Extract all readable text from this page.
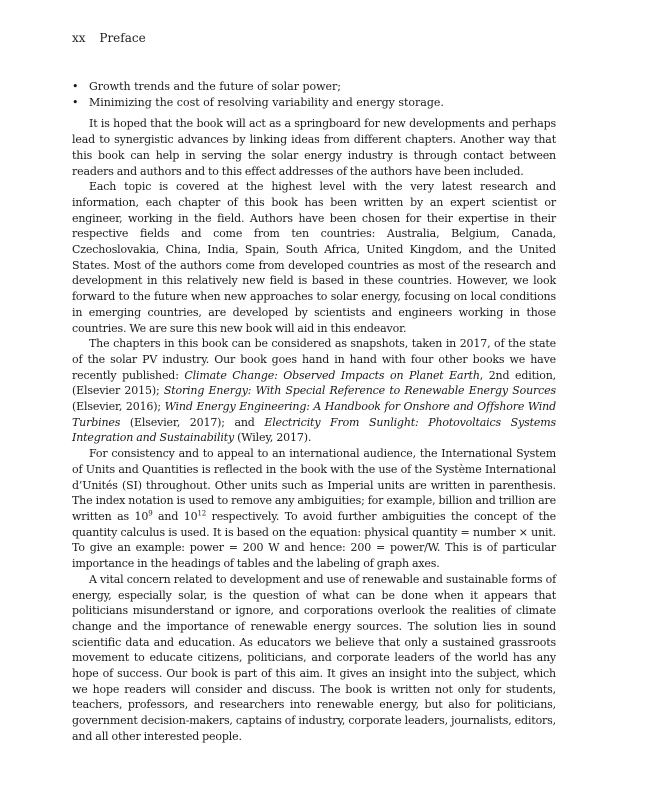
xx Preface
• Growth trends and the future of solar power;
• Minimizing the cost of resolving variability and energy storage.

It is hoped that the book will act as a springboard for new developments and perhaps lead to synergistic advances by linking ideas from different chapters. Another way that this book can help in serving the solar energy industry is through contact between readers and authors and to this effect addresses of the authors have been included.

Each topic is covered at the highest level with the very latest research and information, each chapter of this book has been written by an expert scientist or engineer, working in the field. Authors have been chosen for their expertise in their respective fields and come from ten countries: Australia, Belgium, Canada, Czechoslovakia, China, India, Spain, South Africa, United Kingdom, and the United States. Most of the authors come from developed countries as most of the research and development in this relatively new field is based in these countries. However, we look forward to the future when new approaches to solar energy, focusing on local conditions in emerging countries, are developed by scientists and engineers working in those countries. We are sure this new book will aid in this endeavor.

The chapters in this book can be considered as snapshots, taken in 2017, of the state of the solar PV industry. Our book goes hand in hand with four other books we have recently published: Climate Change: Observed Impacts on Planet Earth, 2nd edition, (Elsevier 2015); Storing Energy: With Special Reference to Renewable Energy Sources (Elsevier, 2016); Wind Energy Engineering: A Handbook for Onshore and Offshore Wind Turbines (Elsevier, 2017); and Electricity From Sunlight: Photovoltaics Systems Integration and Sustainability (Wiley, 2017).

For consistency and to appeal to an international audience, the International System of Units and Quantities is reflected in the book with the use of the Système International d’Unités (SI) throughout. Other units such as Imperial units are written in parenthesis. The index notation is used to remove any ambiguities; for example, billion and trillion are written as $10^9$ and $10^{12}$ respectively. To avoid further ambiguities the concept of the quantity calculus is used. It is based on the equation: physical quantity = number × unit. To give an example: power = 200 W and hence: 200 = power/W. This is of particular importance in the headings of tables and the labeling of graph axes.

A vital concern related to development and use of renewable and sustainable forms of energy, especially solar, is the question of what can be done when it appears that politicians misunderstand or ignore, and corporations overlook the realities of climate change and the importance of renewable energy sources. The solution lies in sound scientific data and education. As educators we believe that only a sustained grassroots movement to educate citizens, politicians, and corporate leaders of the world has any hope of success. Our book is part of this aim. It gives an insight into the subject, which we hope readers will consider and discuss. The book is written not only for students, teachers, professors, and researchers into renewable energy, but also for politicians, government decision-makers, captains of industry, corporate leaders, journalists, editors, and all other interested people.
